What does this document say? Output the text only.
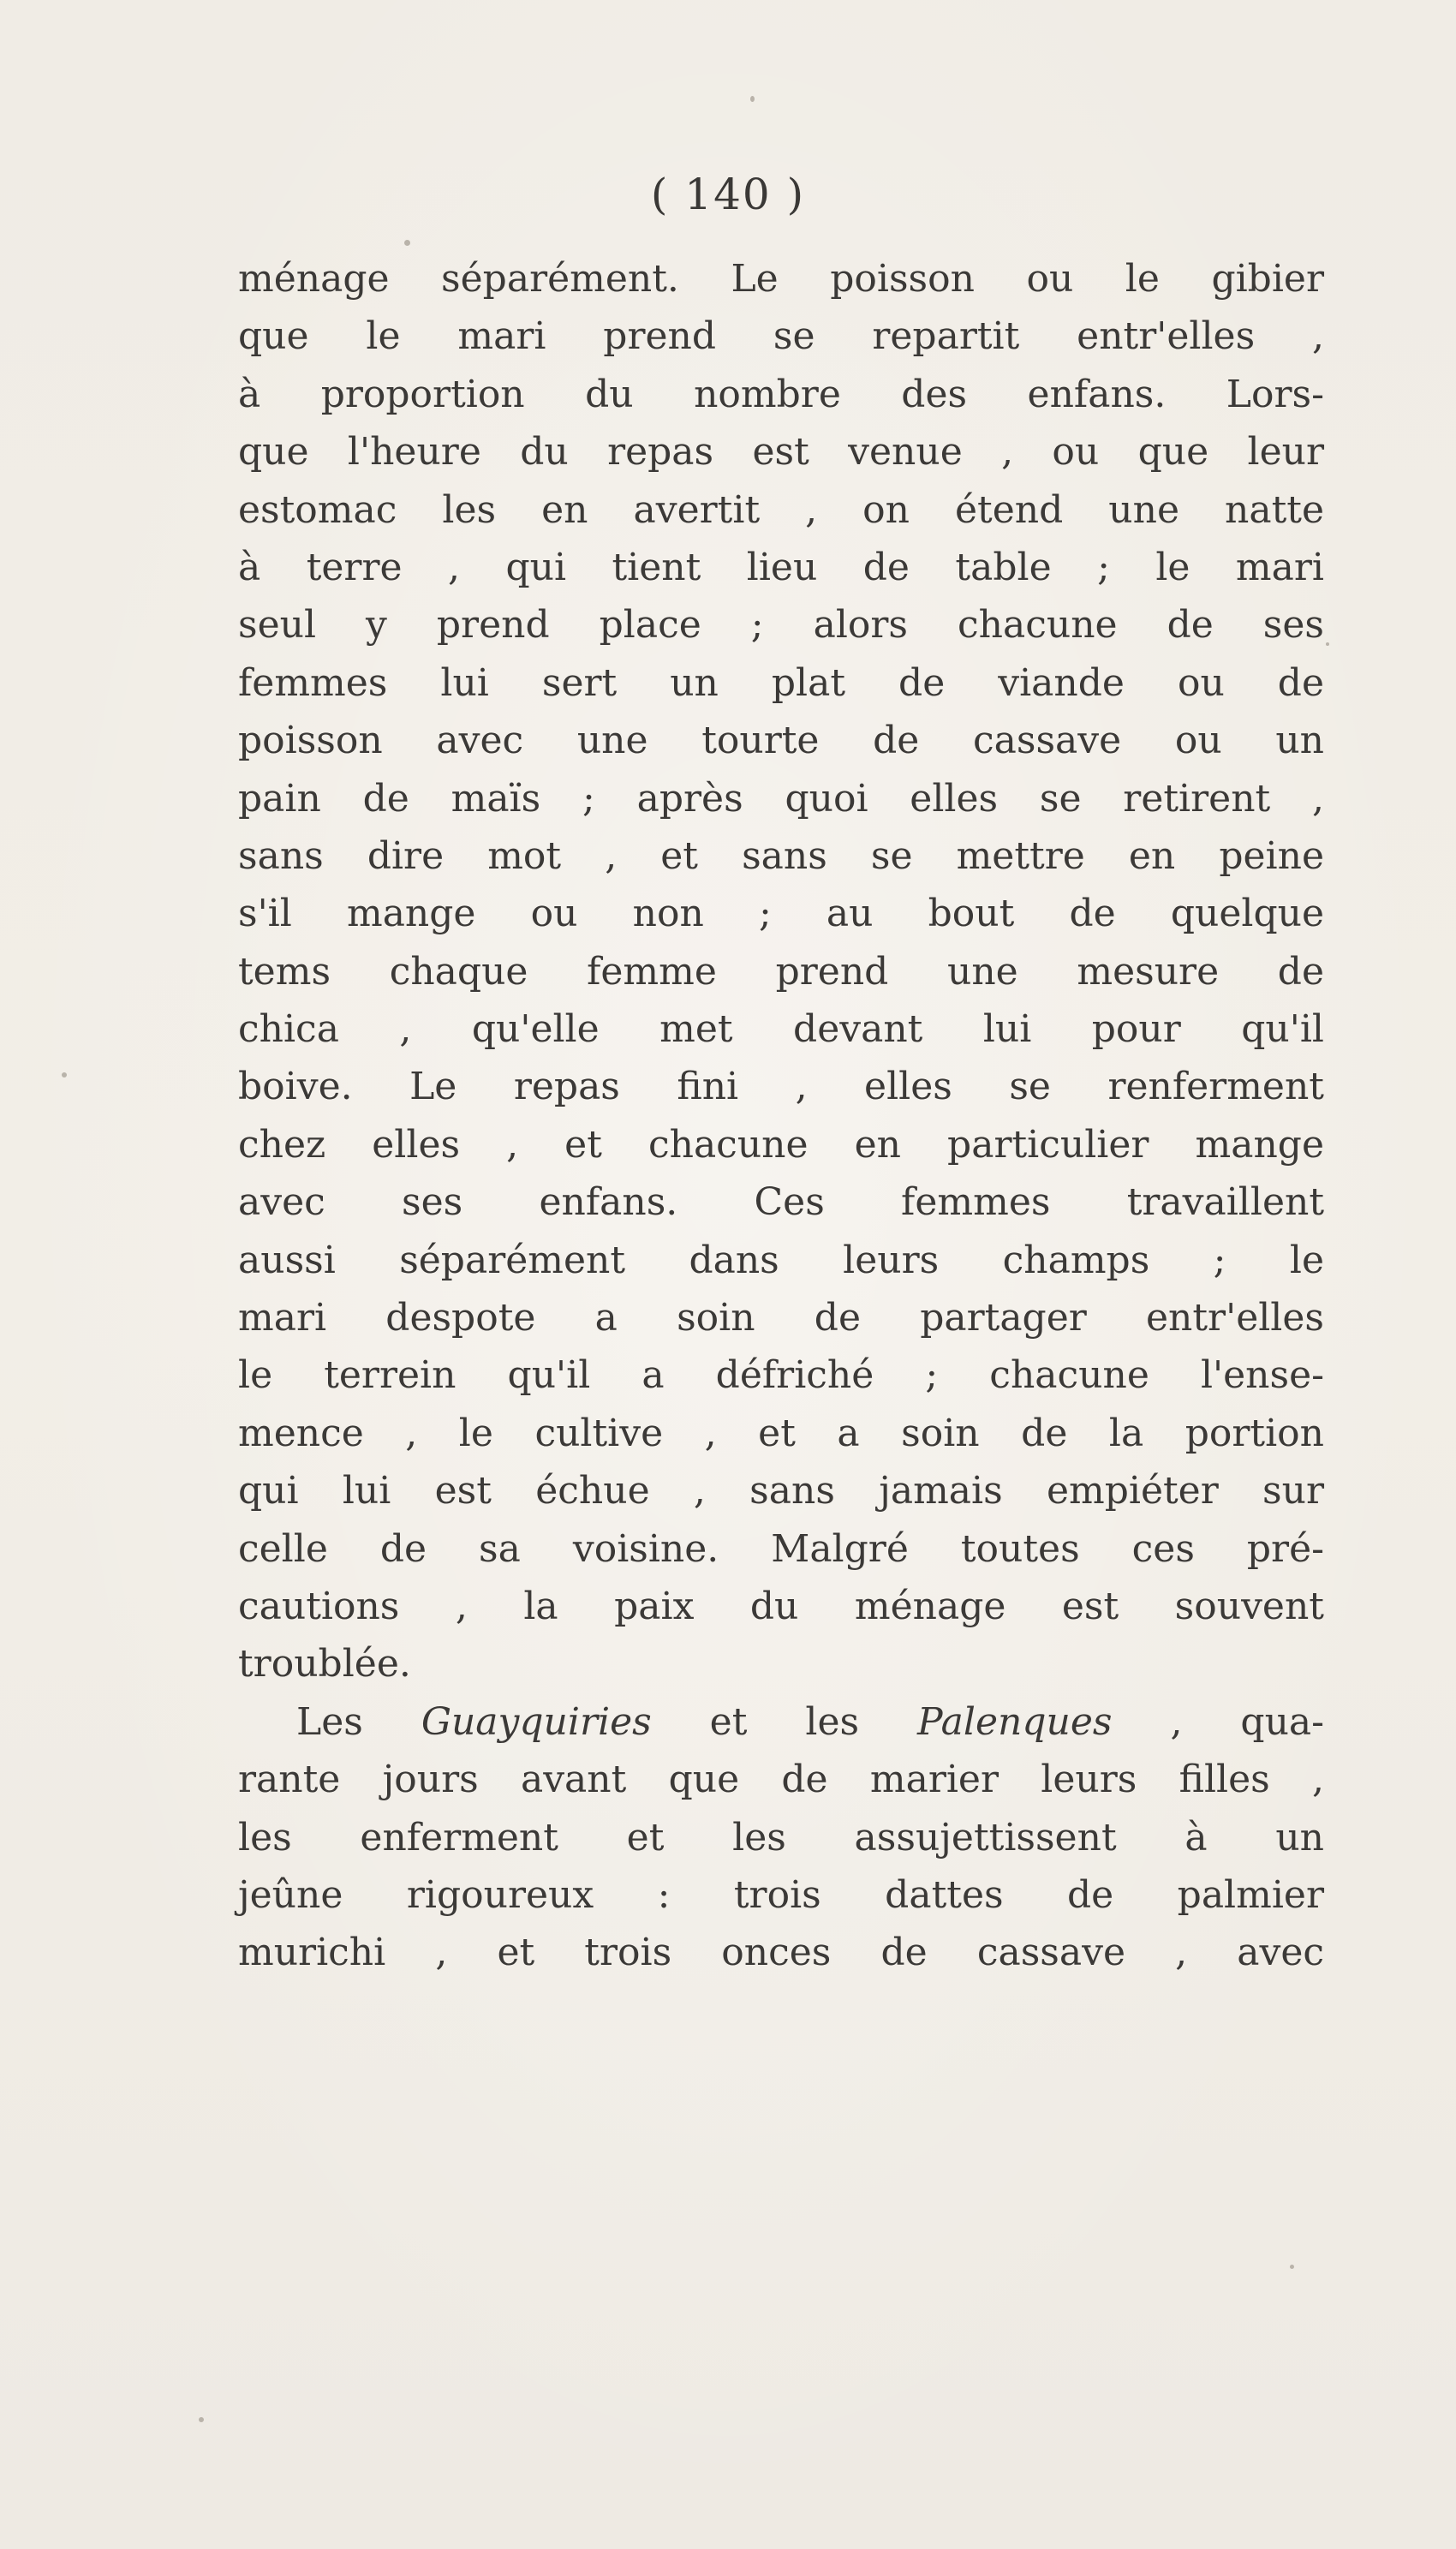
( 140 )
ménage séparément. Le poisson ou le gibier
que le mari prend se repartit entr'elles ,
à proportion du nombre des enfans. Lors-
que l'heure du repas est venue , ou que leur
estomac les en avertit , on étend une natte
à terre , qui tient lieu de table ; le mari
seul y prend place ; alors chacune de ses
femmes lui sert un plat de viande ou de
poisson avec une tourte de cassave ou un
pain de maïs ; après quoi elles se retirent ,
sans dire mot , et sans se mettre en peine
s'il mange ou non ; au bout de quelque
tems chaque femme prend une mesure de
chica , qu'elle met devant lui pour qu'il
boive. Le repas fini , elles se renferment
chez elles , et chacune en particulier mange
avec ses enfans. Ces femmes travaillent
aussi séparément dans leurs champs ; le
mari despote a soin de partager entr'elles
le terrein qu'il a défriché ; chacune l'ense-
mence , le cultive , et a soin de la portion
qui lui est échue , sans jamais empiéter sur
celle de sa voisine. Malgré toutes ces pré-
cautions , la paix du ménage est souvent
troublée.
Les Guayquiries et les Palenques , qua-
rante jours avant que de marier leurs filles ,
les enferment et les assujettissent à un
jeûne rigoureux : trois dattes de palmier
murichi , et trois onces de cassave , avec
